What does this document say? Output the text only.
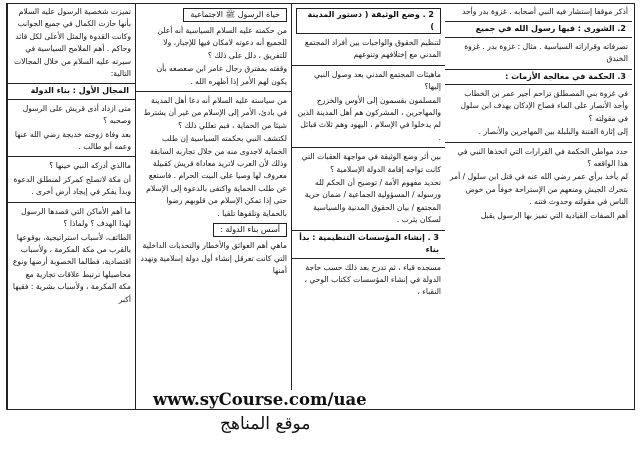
تميزت شخصية الرسول عليه السلام بأنها حازت الكمال في جميع الجوانب وكانت القدوة والمثل الأعلى لكل قائد وحاكم . أهم الملامح السياسية في سيرته عليه السلام من خلال المجالات التالية:

المجال الأول : بناء الدولة

متى ازداد أذى قريش على الرسول وصحبه ؟

بعد وفاة زوجته خديجة رضي الله عنها وعمه أبو طالب .

ماالذي أدركه النبي حينها ؟

أن مكة لاتصلح كمركز لمنطلق الدعوة وبدأ يفكر في إيجاد أرض أخرى .

ما أهم الأماكن التي قصدها الرسول لهذا الهدف ؟ ولماذا ؟

الطائف، لأسباب استراتيجية، بوقوعها بالقرب من مكة المكرمة ، ولأسباب اقتصادية، فطالما الخصوبة أرضها ونوع محاصيلها ترتبط علاقات تجارية مع مكة المكرمة ، ولأسباب بشرية : فقيها أكبر

حياة الرسول ﷺ الاجتماعية

من حكمته عليه السلام السياسية أنه أعلن للجميع أنه دعوته لامكان فيها للإجبار، ولا للتفريق ، دلل على ذلك ؟

وقفته بمفترق رجال عامر ابن صعصعه بأن يكون لهم الأمر إذا أظهره الله .

من سياسته عليه السلام أنه دعا أهل المدينة في بادئ، الأمر إلى الإسلام من غير أن يشترط شيئا من الحماية ، فبم تعللي ذلك ؟

لكتشف النبي بحكمته السياسية إن طلب الحماية لاجدوى منه من خلال تجاربه السابقة وذلك لأن العرب لاتريد معاداة قريش كقبيلة معروف لها وصيا على البيت الحرام . فاستعع عن طلب الحماية واكتفى بالدعوة إلى الإسلام حتى إذا تمكن الإسلام من قلوبهم رضوا بالحماية وتلقوها تلقيا .

أسس بناء الدولة :

ماهي أهم العوائق والأخطار والتحديات الداخلية التي كانت تعرقل إنشاء أول دولة إسلامية وتهدد أمنها

2 . وضع الوثيقة ( دستور المدينة )

لتنظيم الحقوق والواجبات بين أفراد المجتمع المدني مع إختلافهم وتنوعهم

ماهيئات المجتمع المدني بعد وصول النبي إليها؟

المسلمون بقسمون إلى الأوس والخزرج والمهاجرين ، المشركون هم أهل المدينة الذين لم يدخلوا في الإسلام ، اليهود وهم ثلاث قبائل .

بين أثر وضع الوثيقة في مواجهة العقبات التي كانت تواجه إقامة الدولة الإسلامية ؟

تحديد مفهوم الأمة / توضيح أن الحكم لله ورسوله / المسؤولية الجماعية / ضمان حرية المجتمع / بيان الحقوق المدنية والسياسية لسكان يثرب .

3 . إنشاء المؤسسات التنظيمية : بدأ بناء

مسجده قباء ، ثم تدرج بعد ذلك حسب حاجة الدولة في إنشاء المؤسسات ككتاب الوحي ، النقباء ،

أذكر موقفا إستشار فيه النبي أصحابه . غزوة بدر وأحد

2. الشورى : فيها رسول الله في جميع

تصرفاته وقراراته السياسية . مثال : غزوة بدر . غزوة الخندق

3. الحكمة في معالجة الأزمات :

في غزوة بني المصطلق تزاحم أجير عمر بن الخطاب وأحد الأنصار على الماء فصاح الإدكان يهدف ابن سلول في مقولته ؟

إلى إثارة الفتنة والبلبلة بين المهاجرين والأنصار .

حدد مواطن الحكمة في القرارات التي اتخذها النبي في هذا الواقعه ؟

لم يأخذ برأي عمر رضي الله عنه في قتل ابن سلول / أمر بتحرك الجيش ومنعهم من الإستراحة خوفاً من خوض الناس في مقولته وحدوث فتنه .

أهم الصفات القيادية التي تميز بها الرسول يقبل

www.syCourse.com/uae
موقع المناهج
